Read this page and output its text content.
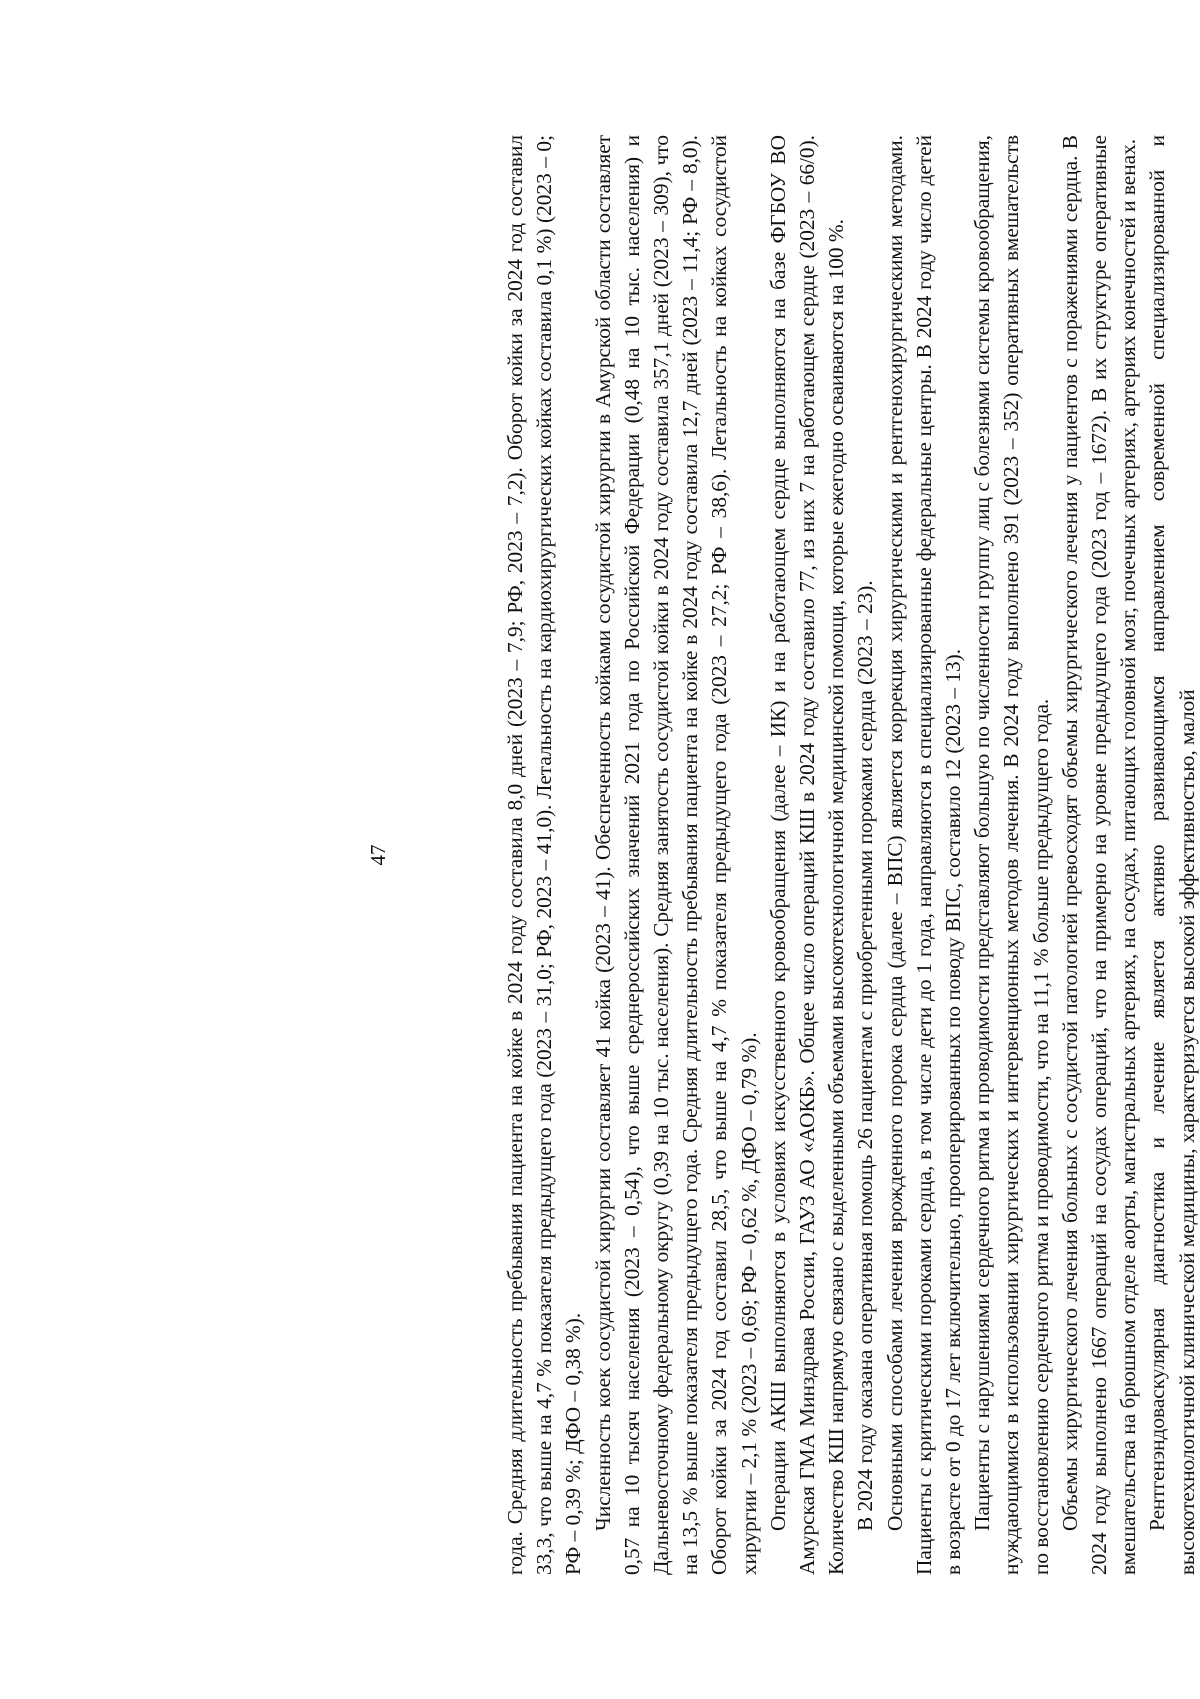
47	года. Средняя длительность пребывания пациента на койке в 2024 году составила 8,0 дней (2023 – 7,9; РФ, 2023 – 7,2). Оборот койки за 2024 год составил 33,3, что выше на 4,7 % показателя предыдущего года (2023 – 31,0; РФ, 2023 – 41,0). Летальность на кардиохирургических койках составила 0,1 %) (2023 – 0; РФ – 0,39 %; ДФО – 0,38 %). Численность коек сосудистой хирургии составляет 41 койка (2023 – 41). Обеспеченность койками сосудистой хирургии в Амурской области составляет 0,57 на 10 тысяч населения (2023 – 0,54), что выше среднероссийских значений 2021 года по Российской Федерации (0,48 на 10 тыс. населения) и Дальневосточному федеральному округу (0,39 на 10 тыс. населения). Средняя занятость сосудистой койки в 2024 году составила 357,1 дней (2023 – 309), что на 13,5 % выше показателя предыдущего года. Средняя длительность пребывания пациента на койке в 2024 году составила 12,7 дней (2023 – 11,4; РФ – 8,0). Оборот койки за 2024 год составил 28,5, что выше на 4,7 % показателя предыдущего года (2023 – 27,2; РФ – 38,6). Летальность на койках сосудистой хирургии – 2,1 % (2023 – 0,69; РФ – 0,62 %, ДФО – 0,79 %). Операции АКШ выполняются в условиях искусственного кровообращения (далее – ИК) и на работающем сердце выполняются на базе ФГБОУ ВО Амурская ГМА Минздрава России, ГАУЗ АО «АОКБ». Общее число операций КШ в 2024 году составило 77, из них 7 на работающем сердце (2023 – 66/0). Количество КШ напрямую связано с выделенными объемами высокотехнологичной медицинской помощи, которые ежегодно осваиваются на 100 %. В 2024 году оказана оперативная помощь 26 пациентам с приобретенными пороками сердца (2023 – 23). Основными способами лечения врожденного порока сердца (далее – ВПС) является коррекция хирургическими и рентгенохирургическими методами. Пациенты с критическими пороками сердца, в том числе дети до 1 года, направляются в специализированные федеральные центры. В 2024 году число детей в возрасте от 0 до 17 лет включительно, прооперированных по поводу ВПС, составило 12 (2023 – 13). Пациенты с нарушениями сердечного ритма и проводимости представляют большую по численности группу лиц с болезнями системы кровообращения, нуждающимися в использовании хирургических и интервенционных методов лечения. В 2024 году выполнено 391 (2023 – 352) оперативных вмешательств по восстановлению сердечного ритма и проводимости, что на 11,1 % больше предыдущего года. Объемы хирургического лечения больных с сосудистой патологией превосходят объемы хирургического лечения у пациентов с поражениями сердца. В 2024 году выполнено 1667 операций на сосудах операций, что на примерно на уровне предыдущего года (2023 год – 1672). В их структуре оперативные вмешательства на брюшном отделе аорты, магистральных артериях, на сосудах, питающих головной мозг, почечных артериях, артериях конечностей и венах. Рентгенэндоваскулярная диагностика и лечение является активно развивающимся направлением современной специализированной и высокотехнологичной клинической медицины, характеризуется высокой эффективностью, малой
